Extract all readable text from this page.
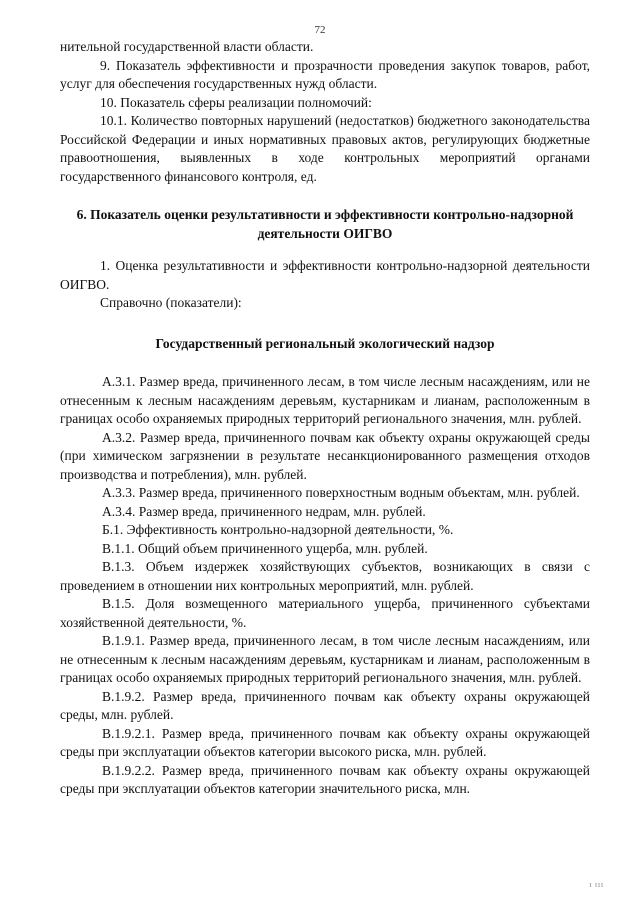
72

нительной государственной власти области.

9. Показатель эффективности и прозрачности проведения закупок товаров, работ, услуг для обеспечения государственных нужд области.

10. Показатель сферы реализации полномочий:

10.1. Количество повторных нарушений (недостатков) бюджетного законодательства Российской Федерации и иных нормативных правовых актов, регулирующих бюджетные правоотношения, выявленных в ходе контрольных мероприятий органами государственного финансового контроля, ед.

6. Показатель оценки результативности и эффективности контрольно-надзорной деятельности ОИГВО

1. Оценка результативности и эффективности контрольно-надзорной деятельности ОИГВО.

Справочно (показатели):

Государственный региональный экологический надзор

А.3.1. Размер вреда, причиненного лесам, в том числе лесным насаждениям, или не отнесенным к лесным насаждениям деревьям, кустарникам и лианам, расположенным в границах особо охраняемых природных территорий регионального значения, млн. рублей.

А.3.2. Размер вреда, причиненного почвам как объекту охраны окружающей среды (при химическом загрязнении в результате несанкционированного размещения отходов производства и потребления), млн. рублей.

А.3.3. Размер вреда, причиненного поверхностным водным объектам, млн. рублей.

А.3.4. Размер вреда, причиненного недрам, млн. рублей.

Б.1. Эффективность контрольно-надзорной деятельности, %.

В.1.1. Общий объем причиненного ущерба, млн. рублей.

В.1.3. Объем издержек хозяйствующих субъектов, возникающих в связи с проведением в отношении них контрольных мероприятий, млн. рублей.

В.1.5. Доля возмещенного материального ущерба, причиненного субъектами хозяйственной деятельности, %.

В.1.9.1. Размер вреда, причиненного лесам, в том числе лесным насаждениям, или не отнесенным к лесным насаждениям деревьям, кустарникам и лианам, расположенным в границах особо охраняемых природных территорий регионального значения, млн. рублей.

В.1.9.2. Размер вреда, причиненного почвам как объекту охраны окружающей среды, млн. рублей.

В.1.9.2.1. Размер вреда, причиненного почвам как объекту охраны окружающей среды при эксплуатации объектов категории высокого риска, млн. рублей.

В.1.9.2.2. Размер вреда, причиненного почвам как объекту охраны окружающей среды при эксплуатации объектов категории значительного риска, млн.

I III
